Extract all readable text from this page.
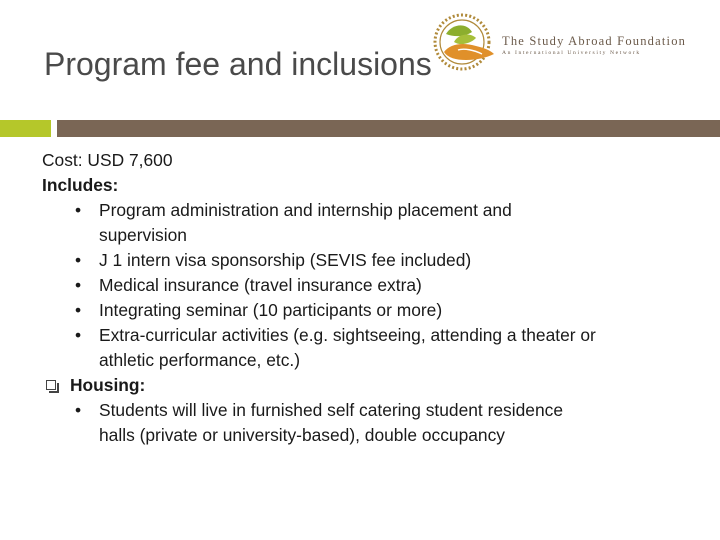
The Study Abroad Foundation
An International University Network
Program fee and inclusions
Cost: USD 7,600
Includes:
• Program administration and internship placement and
supervision
• J 1 intern visa sponsorship (SEVIS fee included)
• Medical insurance (travel insurance extra)
• Integrating seminar (10 participants or more)
• Extra-curricular activities (e.g. sightseeing, attending a theater or
athletic performance, etc.)
Housing:
• Students will live in furnished self catering student residence
halls (private or university-based), double occupancy
